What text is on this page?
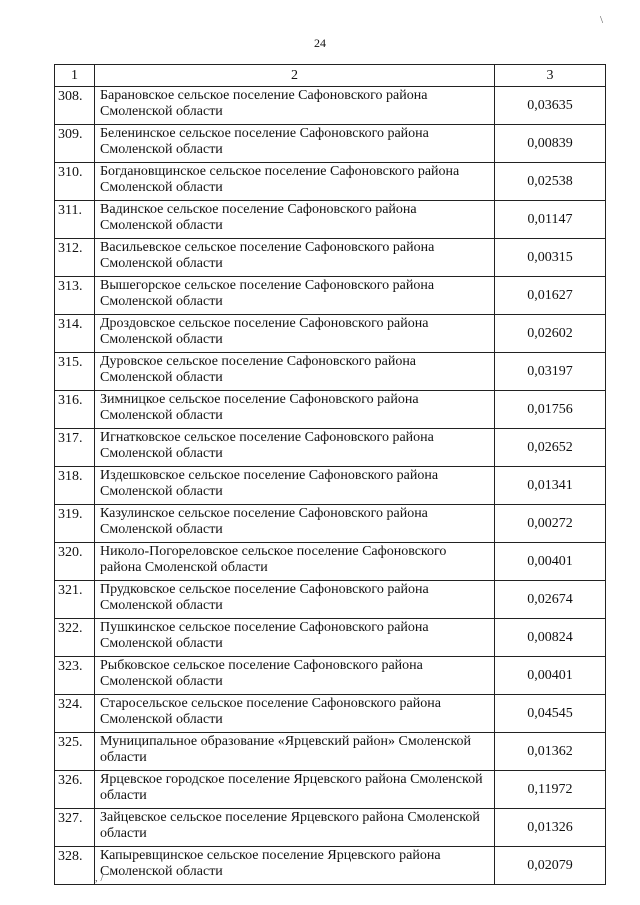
24
1	2	3
308.	Барановское сельское поселение Сафоновского района Смоленской области	0,03635
309.	Беленинское сельское поселение Сафоновского района Смоленской области	0,00839
310.	Богдановщинское сельское поселение Сафоновского района Смоленской области	0,02538
311.	Вадинское сельское поселение Сафоновского района Смоленской области	0,01147
312.	Васильевское сельское поселение Сафоновского района Смоленской области	0,00315
313.	Вышегорское сельское поселение Сафоновского района Смоленской области	0,01627
314.	Дроздовское сельское поселение Сафоновского района Смоленской области	0,02602
315.	Дуровское сельское поселение Сафоновского района Смоленской области	0,03197
316.	Зимницкое сельское поселение Сафоновского района Смоленской области	0,01756
317.	Игнатковское сельское поселение Сафоновского района Смоленской области	0,02652
318.	Издешковское сельское поселение Сафоновского района Смоленской области	0,01341
319.	Казулинское сельское поселение Сафоновского района Смоленской области	0,00272
320.	Николо-Погореловское сельское поселение Сафоновского района Смоленской области	0,00401
321.	Прудковское сельское поселение Сафоновского района Смоленской области	0,02674
322.	Пушкинское сельское поселение Сафоновского района Смоленской области	0,00824
323.	Рыбковское сельское поселение Сафоновского района Смоленской области	0,00401
324.	Старосельское сельское поселение Сафоновского района Смоленской области	0,04545
325.	Муниципальное образование «Ярцевский район» Смоленской области	0,01362
326.	Ярцевское городское поселение Ярцевского района Смоленской области	0,11972
327.	Зайцевское сельское поселение Ярцевского района Смоленской области	0,01326
328.	Капыревщинское сельское поселение Ярцевского района Смоленской области	0,02079
\
, /
